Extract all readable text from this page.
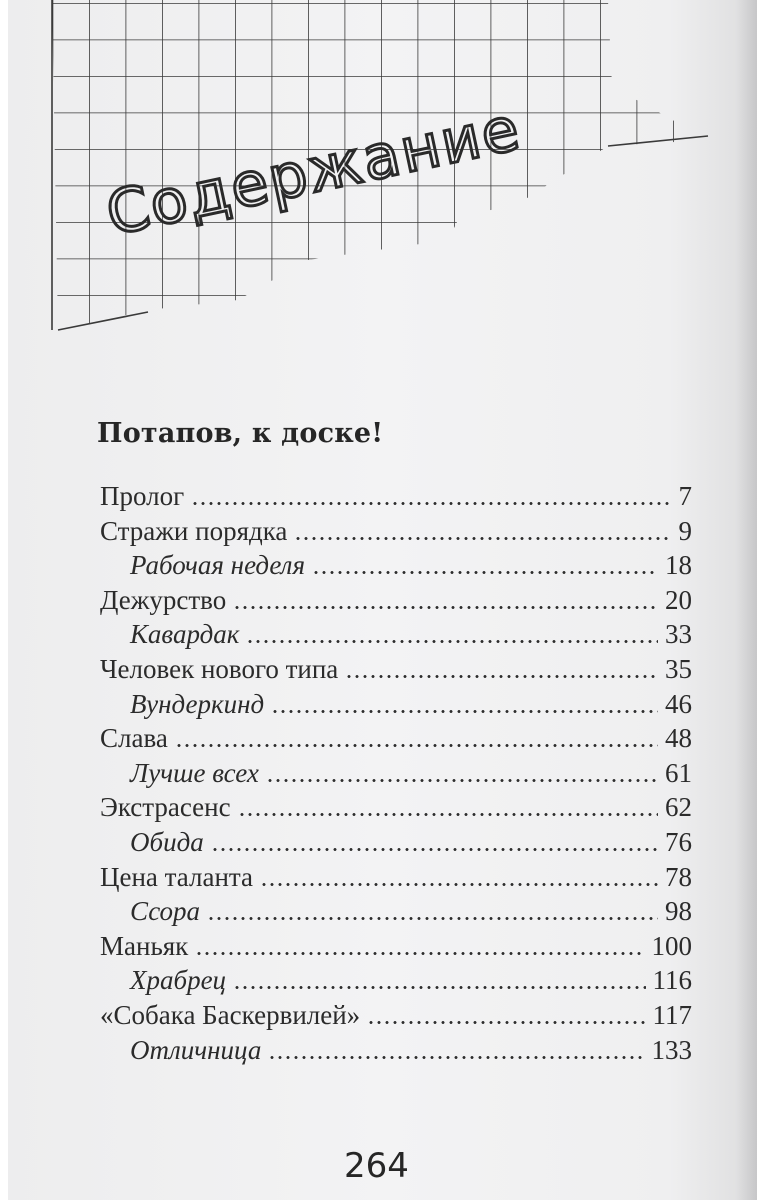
Содержание
Потапов, к доске!
Пролог	7
Стражи порядка	9
Рабочая неделя	18
Дежурство	20
Кавардак	33
Человек нового типа	35
Вундеркинд	46
Слава	48
Лучше всех	61
Экстрасенс	62
Обида	76
Цена таланта	78
Ссора	98
Маньяк	100
Храбрец	116
«Собака Баскервилей»	117
Отличница	133

264
